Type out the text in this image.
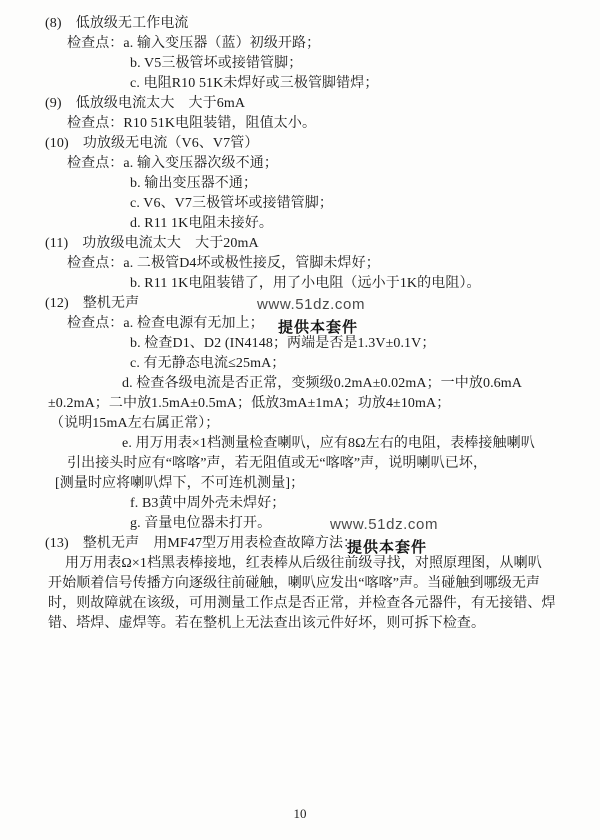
(8)　低放级无工作电流
检查点：a. 输入变压器（蓝）初级开路；
b. V5三极管坏或接错管脚；
c. 电阻R10 51K未焊好或三极管脚错焊；
(9)　低放级电流太大　大于6mA
检查点：R10 51K电阻装错，阻值太小。
(10)　功放级无电流（V6、V7管）
检查点：a. 输入变压器次级不通；
b. 输出变压器不通；
c. V6、V7三极管坏或接错管脚；
d. R11 1K电阻未接好。
(11)　功放级电流太大　大于20mA
检查点：a. 二极管D4坏或极性接反，管脚未焊好；
b. R11 1K电阻装错了，用了小电阻（远小于1K的电阻）。
(12)　整机无声
检查点：a. 检查电源有无加上；
b. 检查D1、D2 (IN4148；两端是否是1.3V±0.1V；
c. 有无静态电流≤25mA；
d. 检查各级电流是否正常，变频级0.2mA±0.02mA；一中放0.6mA
±0.2mA；二中放1.5mA±0.5mA；低放3mA±1mA；功放4±10mA；
（说明15mA左右属正常）；
e. 用万用表×1档测量检查喇叭，应有8Ω左右的电阻，表棒接触喇叭
引出接头时应有“喀喀”声，若无阻值或无“喀喀”声，说明喇叭已坏，
[测量时应将喇叭焊下，不可连机测量]；
f. B3黄中周外壳未焊好；
g. 音量电位器未打开。
(13)　整机无声　用MF47型万用表检查故障方法：
用万用表Ω×1档黑表棒接地，红表棒从后级往前级寻找，对照原理图，从喇叭
开始顺着信号传播方向逐级往前碰触，喇叭应发出“喀喀”声。当碰触到哪级无声
时，则故障就在该级，可用测量工作点是否正常，并检查各元器件，有无接错、焊
错、塔焊、虚焊等。若在整机上无法查出该元件好坏，则可拆下检查。
www.51dz.com
提供本套件
www.51dz.com
提供本套件
10
